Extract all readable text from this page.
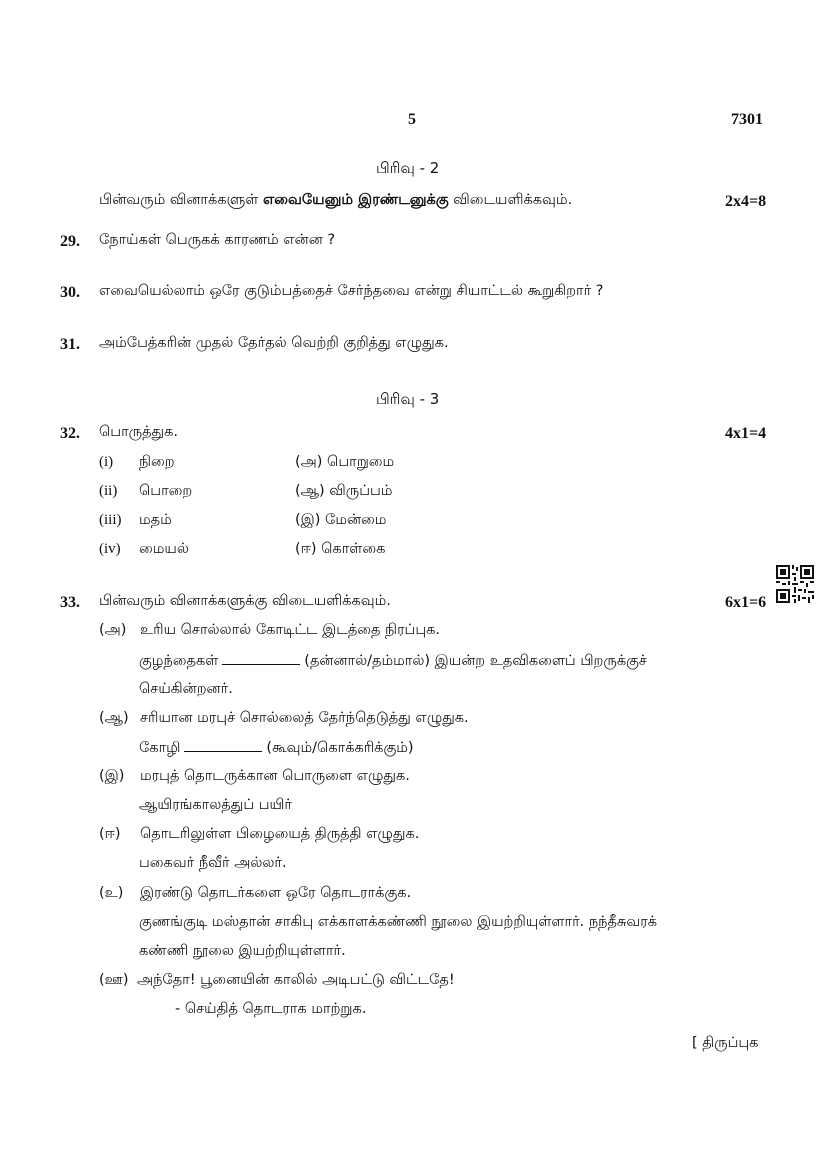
5	7301
பிரிவு - 2
பின்வரும் வினாக்களுள் எவையேனும் இரண்டனுக்கு விடையளிக்கவும்.	2x4=8
29. நோய்கள் பெருகக் காரணம் என்ன ?
30. எவையெல்லாம் ஒரே குடும்பத்தைச் சேர்ந்தவை என்று சியாட்டல் கூறுகிறார் ?
31. அம்பேத்கரின் முதல் தேர்தல் வெற்றி குறித்து எழுதுக.
பிரிவு - 3
32. பொருத்துக.	4x1=4
(i) நிறை	(அ) பொறுமை
(ii) பொறை	(ஆ) விருப்பம்
(iii) மதம்	(இ) மேன்மை
(iv) மையல்	(ஈ) கொள்கை
33. பின்வரும் வினாக்களுக்கு விடையளிக்கவும்.	6x1=6
(அ) உரிய சொல்லால் கோடிட்ட இடத்தை நிரப்புக.
குழந்தைகள்	(தன்னால்/தம்மால்) இயன்ற உதவிகளைப் பிறருக்குச்
செய்கின்றனர்.
(ஆ) சரியான மரபுச் சொல்லைத் தேர்ந்தெடுத்து எழுதுக.
கோழி	(கூவும்/கொக்கரிக்கும்)
(இ) மரபுத் தொடருக்கான பொருளை எழுதுக.
ஆயிரங்காலத்துப் பயிர்
(ஈ) தொடரிலுள்ள பிழையைத் திருத்தி எழுதுக.
பகைவர் நீவீர் அல்லர்.
(உ) இரண்டு தொடர்களை ஒரே தொடராக்குக.
குணங்குடி மஸ்தான் சாகிபு எக்காளக்கண்ணி நூலை இயற்றியுள்ளார். நந்தீசுவரக்
கண்ணி நூலை இயற்றியுள்ளார்.
(ஊ) அந்தோ! பூனையின் காலில் அடிபட்டு விட்டதே!
- செய்தித் தொடராக மாற்றுக.
[ திருப்புக
